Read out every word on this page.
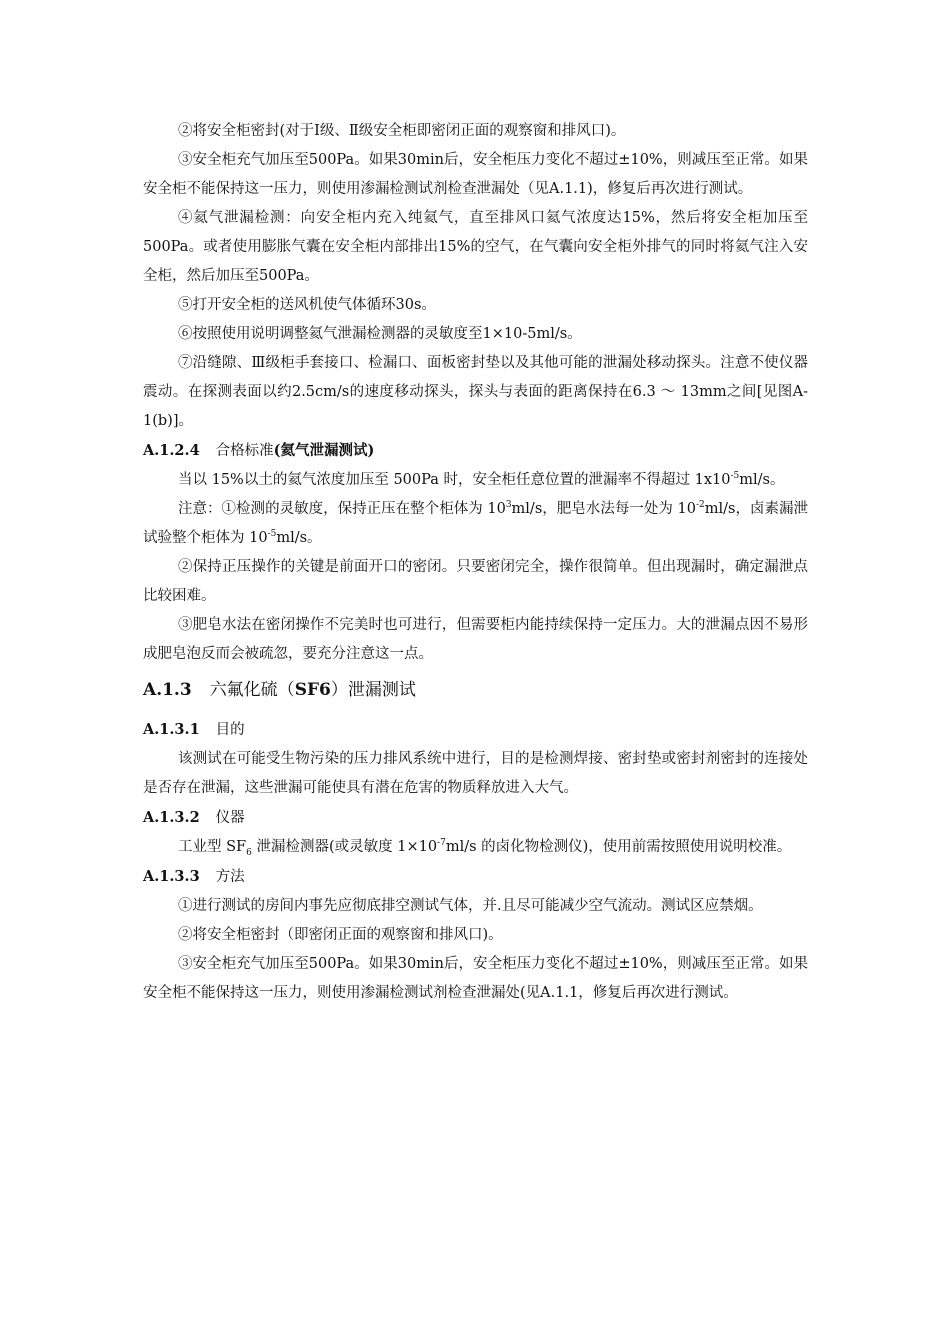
②将安全柜密封(对于Ⅰ级、Ⅱ级安全柜即密闭正面的观察窗和排风口)。

③安全柜充气加压至500Pa。如果30min后，安全柜压力变化不超过±10%，则减压至正常。如果安全柜不能保持这一压力，则使用渗漏检测试剂检查泄漏处（见A.1.1)，修复后再次进行测试。

④氦气泄漏检测：向安全柜内充入纯氦气，直至排风口氦气浓度达15%，然后将安全柜加压至500Pa。或者使用膨胀气囊在安全柜内部排出15%的空气，在气囊向安全柜外排气的同时将氦气注入安全柜，然后加压至500Pa。

⑤打开安全柜的送风机使气体循环30s。

⑥按照使用说明调整氦气泄漏检测器的灵敏度至1×10-5ml/s。

⑦沿缝隙、Ⅲ级柜手套接口、检漏口、面板密封垫以及其他可能的泄漏处移动探头。注意不使仪器震动。在探测表面以约2.5cm/s的速度移动探头，探头与表面的距离保持在6.3 ～ 13mm之间[见图A-1(b)]。

A.1.2.4 合格标准(氦气泄漏测试)

当以 15%以土的氦气浓度加压至 500Pa 时，安全柜任意位置的泄漏率不得超过 $1x10^{-5}ml/s$。

注意：①检测的灵敏度，保持正压在整个柜体为 $10^3ml/s$，肥皂水法每一处为 $10^{-2}ml/s$，卤素漏泄试验整个柜体为 $10^{-5}ml/s$。

②保持正压操作的关键是前面开口的密闭。只要密闭完全，操作很简单。但出现漏时，确定漏泄点比较困难。

③肥皂水法在密闭操作不完美时也可进行，但需要柜内能持续保持一定压力。大的泄漏点因不易形成肥皂泡反而会被疏忽，要充分注意这一点。

A.1.3 六氟化硫（SF6）泄漏测试
A.1.3.1 目的

该测试在可能受生物污染的压力排风系统中进行，目的是检测焊接、密封垫或密封剂密封的连接处是否存在泄漏，这些泄漏可能使具有潜在危害的物质释放进入大气。

A.1.3.2 仪器

工业型 $SF_6$ 泄漏检测器(或灵敏度 $1\times 10^{-7}ml/s$ 的卤化物检测仪)，使用前需按照使用说明校准。

A.1.3.3 方法

①进行测试的房间内事先应彻底排空测试气体，并.且尽可能减少空气流动。测试区应禁烟。

②将安全柜密封（即密闭正面的观察窗和排风口)。

③安全柜充气加压至500Pa。如果30min后，安全柜压力变化不超过±10%，则减压至正常。如果安全柜不能保持这一压力，则使用渗漏检测试剂检查泄漏处(见A.1.1，修复后再次进行测试。
